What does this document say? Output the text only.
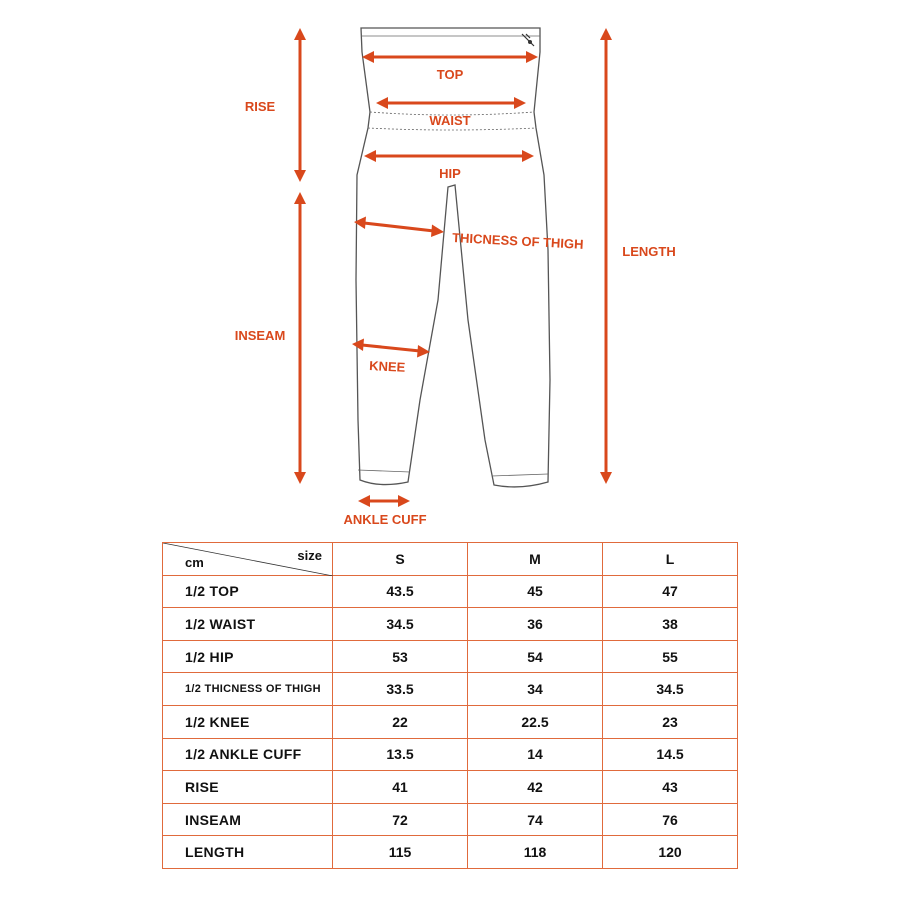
TOP
WAIST
HIP
THICNESS OF THIGH
KNEE
ANKLE CUFF
RISE
INSEAM
LENGTH
size
cm	S	M	L
1/2 TOP	43.5	45	47
1/2 WAIST	34.5	36	38
1/2 HIP	53	54	55
1/2 THICNESS OF THIGH	33.5	34	34.5
1/2 KNEE	22	22.5	23
1/2 ANKLE CUFF	13.5	14	14.5
RISE	41	42	43
INSEAM	72	74	76
LENGTH	115	118	120
